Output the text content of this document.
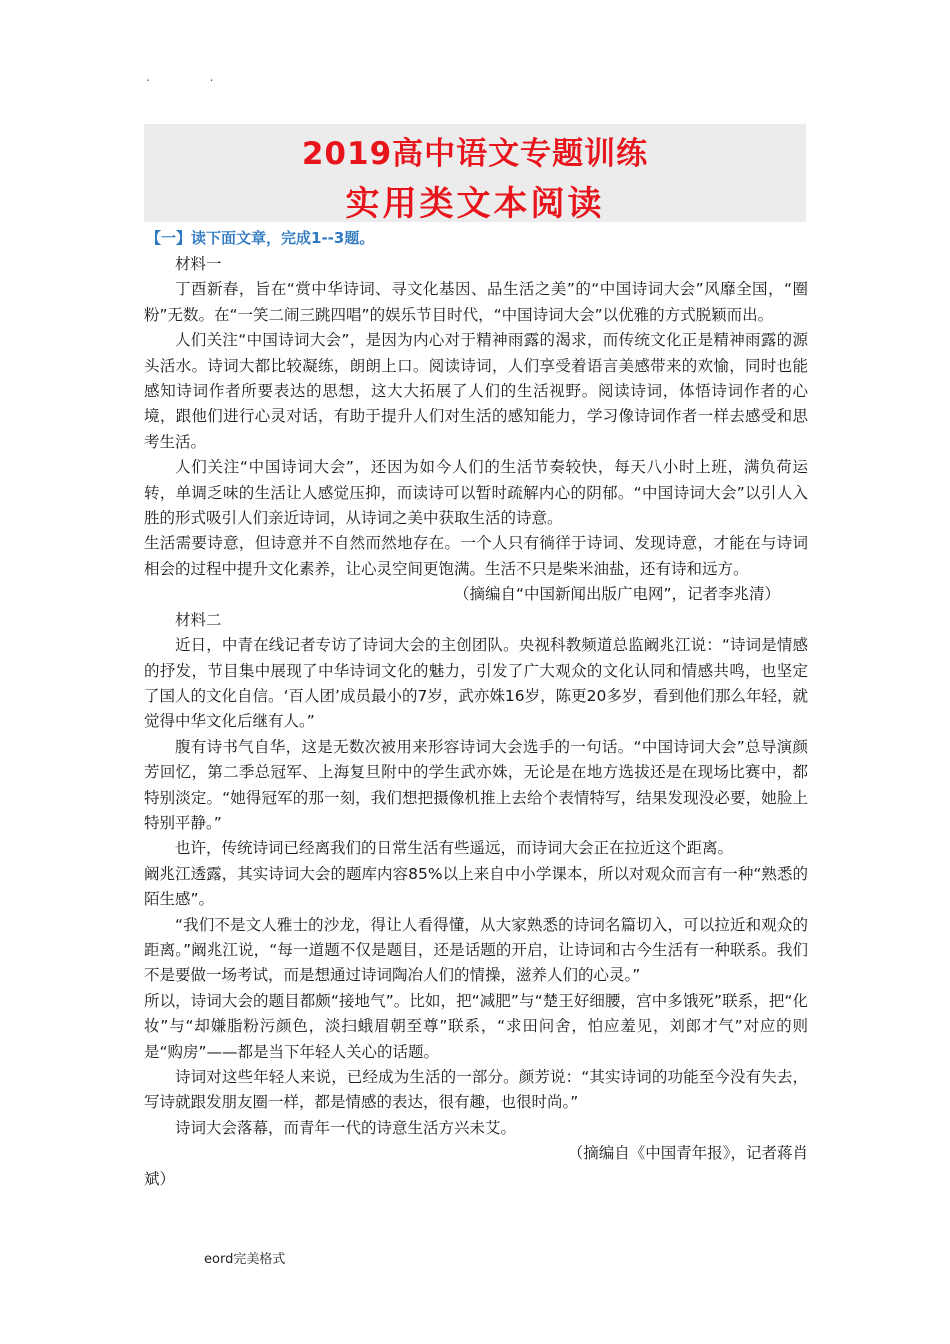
. .
2019高中语文专题训练
实用类文本阅读
【一】读下面文章，完成1--3题。

材料一

丁酉新春，旨在“赏中华诗词、寻文化基因、品生活之美”的“中国诗词大会”风靡全国，“圈粉”无数。在“一笑二闹三跳四唱”的娱乐节目时代，“中国诗词大会”以优雅的方式脱颖而出。

人们关注“中国诗词大会”，是因为内心对于精神雨露的渴求，而传统文化正是精神雨露的源头活水。诗词大都比较凝练，朗朗上口。阅读诗词，人们享受着语言美感带来的欢愉，同时也能感知诗词作者所要表达的思想，这大大拓展了人们的生活视野。阅读诗词，体悟诗词作者的心境，跟他们进行心灵对话，有助于提升人们对生活的感知能力，学习像诗词作者一样去感受和思考生活。

人们关注“中国诗词大会”，还因为如今人们的生活节奏较快，每天八小时上班，满负荷运转，单调乏味的生活让人感觉压抑，而读诗可以暂时疏解内心的阴郁。“中国诗词大会”以引人入胜的形式吸引人们亲近诗词，从诗词之美中获取生活的诗意。

生活需要诗意，但诗意并不自然而然地存在。一个人只有徜徉于诗词、发现诗意，才能在与诗词相会的过程中提升文化素养，让心灵空间更饱满。生活不只是柴米油盐，还有诗和远方。

（摘编自“中国新闻出版广电网”，记者李兆清）

材料二

近日，中青在线记者专访了诗词大会的主创团队。央视科教频道总监阚兆江说：“诗词是情感的抒发，节目集中展现了中华诗词文化的魅力，引发了广大观众的文化认同和情感共鸣，也坚定了国人的文化自信。‘百人团’成员最小的7岁，武亦姝16岁，陈更20多岁，看到他们那么年轻，就觉得中华文化后继有人。”

腹有诗书气自华，这是无数次被用来形容诗词大会选手的一句话。“中国诗词大会”总导演颜芳回忆，第二季总冠军、上海复旦附中的学生武亦姝，无论是在地方选拔还是在现场比赛中，都特别淡定。“她得冠军的那一刻，我们想把摄像机推上去给个表情特写，结果发现没必要，她脸上特别平静。”

也许，传统诗词已经离我们的日常生活有些遥远，而诗词大会正在拉近这个距离。

阚兆江透露，其实诗词大会的题库内容85%以上来自中小学课本，所以对观众而言有一种“熟悉的陌生感”。

“我们不是文人雅士的沙龙，得让人看得懂，从大家熟悉的诗词名篇切入，可以拉近和观众的距离。”阚兆江说，“每一道题不仅是题目，还是话题的开启，让诗词和古今生活有一种联系。我们不是要做一场考试，而是想通过诗词陶冶人们的情操，滋养人们的心灵。”

所以，诗词大会的题目都颇“接地气”。比如，把“减肥”与“楚王好细腰，宫中多饿死”联系，把“化妆”与“却嫌脂粉污颜色，淡扫蛾眉朝至尊”联系，“求田问舍，怕应羞见，刘郎才气”对应的则是“购房”——都是当下年轻人关心的话题。

诗词对这些年轻人来说，已经成为生活的一部分。颜芳说：“其实诗词的功能至今没有失去，写诗就跟发朋友圈一样，都是情感的表达，很有趣，也很时尚。”

诗词大会落幕，而青年一代的诗意生活方兴未艾。

（摘编自《中国青年报》，记者蒋肖

斌）

eord完美格式
